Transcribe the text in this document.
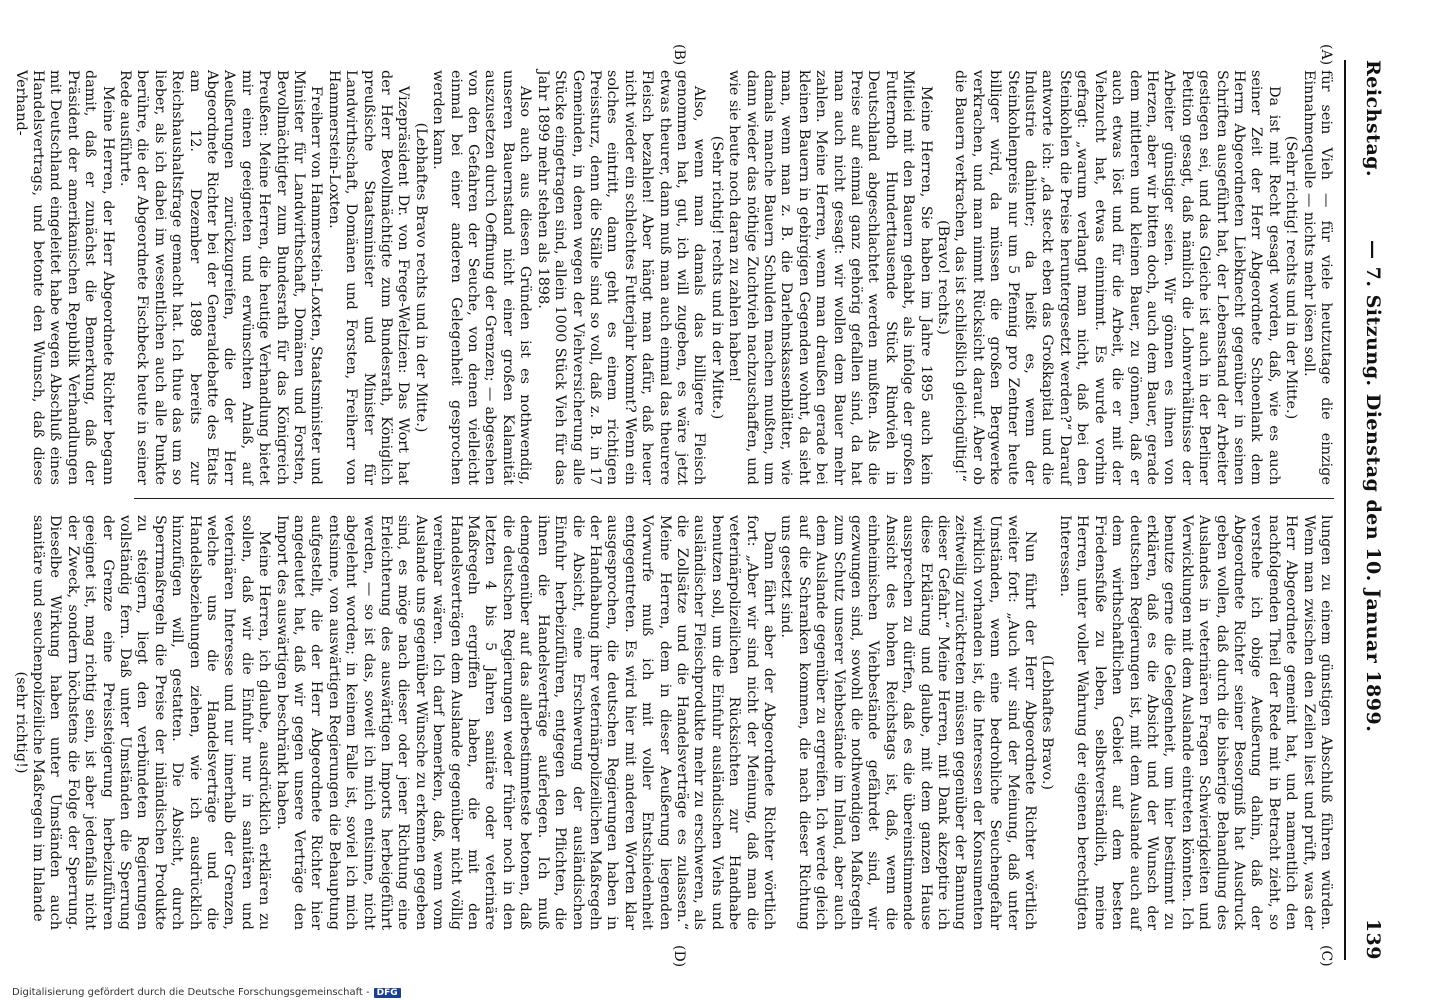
Reichstag.
— 7. Sitzung. Dienstag den 10. Januar 1899.
139
(A)
(B)
(C)
(D)

für sein Vieh — für viele heutzutage die einzige Einnahmequelle — nichts mehr lösen soll.

(Sehr richtig! rechts und in der Mitte.)

Da ist mit Recht gesagt worden, daß, wie es auch seiner Zeit der Herr Abgeordnete Schoenlank dem Herrn Abgeordneten Liebknecht gegenüber in seinen Schriften ausgeführt hat, der Lebensstand der Arbeiter gestiegen sei, und das Gleiche ist auch in der Berliner Petition gesagt, daß nämlich die Lohnverhältnisse der Arbeiter günstiger seien. Wir gönnen es ihnen von Herzen, aber wir bitten doch, auch dem Bauer, gerade dem mittleren und kleinen Bauer, zu gönnen, daß er auch etwas löst und für die Arbeit, die er mit der Viehzucht hat, etwas einnimmt. Es wurde vorhin gefragt: „warum verlangt man nicht, daß bei den Steinkohlen die Preise heruntergesetzt werden?“ Darauf antworte ich: „da steckt eben das Großkapital und die Industrie dahinter; da heißt es, wenn der Steinkohlenpreis nur um 5 Pfennig pro Zentner heute billiger wird, da müssen die großen Bergwerke verkrachen, und man nimmt Rücksicht darauf. Aber ob die Bauern verkrachen, das ist schließlich gleichgültig!“

(Bravo! rechts.)

Meine Herren, Sie haben im Jahre 1895 auch kein Mitleid mit den Bauern gehabt, als infolge der großen Futternoth Hunderttausende Stück Rindvieh in Deutschland abgeschlachtet werden mußten. Als die Preise auf einmal ganz gehörig gefallen sind, da hat man auch nicht gesagt: wir wollen dem Bauer mehr zahlen. Meine Herren, wenn man draußen gerade bei kleinen Bauern in gebirgigen Gegenden wohnt, da sieht man, wenn man z. B. die Darlehnskassenblätter, wie damals manche Bauern Schulden machen mußten, um dann wieder das nöthige Zuchtvieh nachzuschaffen, und wie sie heute noch daran zu zahlen haben!

(Sehr richtig! rechts und in der Mitte.)

Also, wenn man damals das billigere Fleisch genommen hat, gut, ich will zugeben, es wäre jetzt etwas theurer, dann muß man auch einmal das theurere Fleisch bezahlen! Aber hängt man dafür, daß heuer nicht wieder ein schlechtes Futterjahr kommt? Wenn ein solches eintritt, dann geht es einem richtigen Preissturz, denn die Ställe sind so voll, daß z. B. in 17 Gemeinden, in denen wegen der Viehversicherung alle Stücke eingetragen sind, allein 1000 Stück Vieh für das Jahr 1899 mehr stehen als 1898.

Also auch aus diesen Gründen ist es nothwendig, unseren Bauernstand nicht einer großen Kalamität auszusetzen durch Oeffnung der Grenzen; — abgesehen von den Gefahren der Seuche, von denen vielleicht einmal bei einer anderen Gelegenheit gesprochen werden kann.

(Lebhaftes Bravo rechts und in der Mitte.)

Vizepräsident Dr. von Frege-Weltzien: Das Wort hat der Herr Bevollmächtigte zum Bundesrath, Königlich preußische Staatsminister und Minister für Landwirthschaft, Domänen und Forsten, Freiherr von Hammerstein-Loxten.

Freiherr von Hammerstein-Loxten, Staatsminister und Minister für Landwirthschaft, Domänen und Forsten, Bevollmächtigter zum Bundesrath für das Königreich Preußen: Meine Herren, die heutige Verhandlung bietet mir einen geeigneten und erwünschten Anlaß, auf Aeußerungen zurückzugreifen, die der Herr Abgeordnete Richter bei der Generaldebatte des Etats am 12. Dezember 1898 bereits zur Reichshaushaltsfrage gemacht hat. Ich thue das um so lieber, als ich dabei im wesentlichen auch alle Punkte berühre, die der Abgeordnete Fischbeck heute in seiner Rede ausführte.

Meine Herren, der Herr Abgeordnete Richter begann damit, daß er zunächst die Bemerkung, daß der Präsident der amerikanischen Republik Verhandlungen mit Deutschland eingeleitet habe wegen Abschluß eines Handelsvertrags, und betonte den Wunsch, daß diese Verhand-

lungen zu einem günstigen Abschluß führen würden. Wenn man zwischen den Zeilen liest und prüft, was der Herr Abgeordnete gemeint hat, und namentlich den nachfolgenden Theil der Rede mit in Betracht zieht, so verstehe ich obige Aeußerung dahin, daß der Abgeordnete Richter seiner Besorgniß hat Ausdruck geben wollen, daß durch die bisherige Behandlung des Auslandes in veterinären Fragen Schwierigkeiten und Verwicklungen mit dem Auslande eintreten könnten. Ich benutze gerne die Gelegenheit, um hier bestimmt zu erklären, daß es die Absicht und der Wunsch der deutschen Regierungen ist, mit dem Auslande auch auf dem wirthschaftlichen Gebiet auf dem besten Friedensfuße zu leben, selbstverständlich, meine Herren, unter voller Wahrung der eigenen berechtigten Interessen.

(Lebhaftes Bravo.)

Nun führt der Herr Abgeordnete Richter wörtlich weiter fort: „Auch wir sind der Meinung, daß unter Umständen, wenn eine bedrohliche Seuchengefahr wirklich vorhanden ist, die Interessen der Konsumenten zeitweilig zurücktreten müssen gegenüber der Bannung dieser Gefahr.“ Meine Herren, mit Dank akzeptire ich diese Erklärung und glaube, mit dem ganzen Hause aussprechen zu dürfen, daß es die übereinstimmende Ansicht des hohen Reichstags ist, daß, wenn die einheimischen Viehbestände gefährdet sind, wir gezwungen sind, sowohl die nothwendigen Maßregeln zum Schutz unserer Viehbestände im Inland, aber auch dem Auslande gegenüber zu ergreifen. Ich werde gleich auf die Schranken kommen, die nach dieser Richtung uns gesetzt sind.

Dann fährt aber der Abgeordnete Richter wörtlich fort: „Aber wir sind nicht der Meinung, daß man die veterinärpolizeilichen Rücksichten zur Handhabe benutzen soll, um die Einfuhr ausländischen Viehs und ausländischer Fleischprodukte mehr zu erschweren, als die Zollsätze und die Handelsverträge es zulassen.“ Meine Herren, dem in dieser Aeußerung liegenden Vorwurfe muß ich mit voller Entschiedenheit entgegentreten. Es wird hier mit anderen Worten klar ausgesprochen, die deutschen Regierungen haben in der Handhabung ihrer veterinärpolizeilichen Maßregeln die Absicht, eine Erschwerung der ausländischen Einfuhr herbeizuführen, entgegen den Pflichten, die ihnen die Handelsverträge auferlegen. Ich muß demgegenüber auf das allerbestimmteste betonen, daß die deutschen Regierungen weder früher noch in den letzten 4 bis 5 Jahren sanitäre oder veterinäre Maßregeln ergriffen haben, die mit den Handelsverträgen dem Auslande gegenüber nicht völlig vereinbar wären. Ich darf bemerken, daß, wenn vom Auslande uns gegenüber Wünsche zu erkennen gegeben sind, es möge nach dieser oder jener Richtung eine Erleichterung des auswärtigen Imports herbeigeführt werden, — so ist das, soweit ich mich entsinne, nicht abgelehnt worden; in keinem Falle ist, soviel ich mich entsinne, von auswärtigen Regierungen die Behauptung aufgestellt, die der Herr Abgeordnete Richter hier angedeutet hat, daß wir gegen unsere Verträge den Import des auswärtigen beschränkt haben.

Meine Herren, ich glaube, ausdrücklich erklären zu sollen, daß wir die Einfuhr nur in sanitären und veterinären Interesse und nur innerhalb der Grenzen, welche uns die Handelsverträge und die Handelsbeziehungen ziehen, wie ich ausdrücklich hinzufügen will, gestatten. Die Absicht, durch Sperrmaßregeln die Preise der inländischen Produkte zu steigern, liegt den verbündeten Regierungen vollständig fern. Daß unter Umständen die Sperrung der Grenze eine Preissteigerung herbeizuführen geeignet ist, mag richtig sein, ist aber jedenfalls nicht der Zweck, sondern höchstens die Folge der Sperrung. Dieselbe Wirkung haben unter Umständen auch sanitäre und seuchenpolizeiliche Maßregeln im Inlande

(sehr richtig!)

Digitalisierung gefördert durch die Deutsche Forschungsgemeinschaft - DFG
